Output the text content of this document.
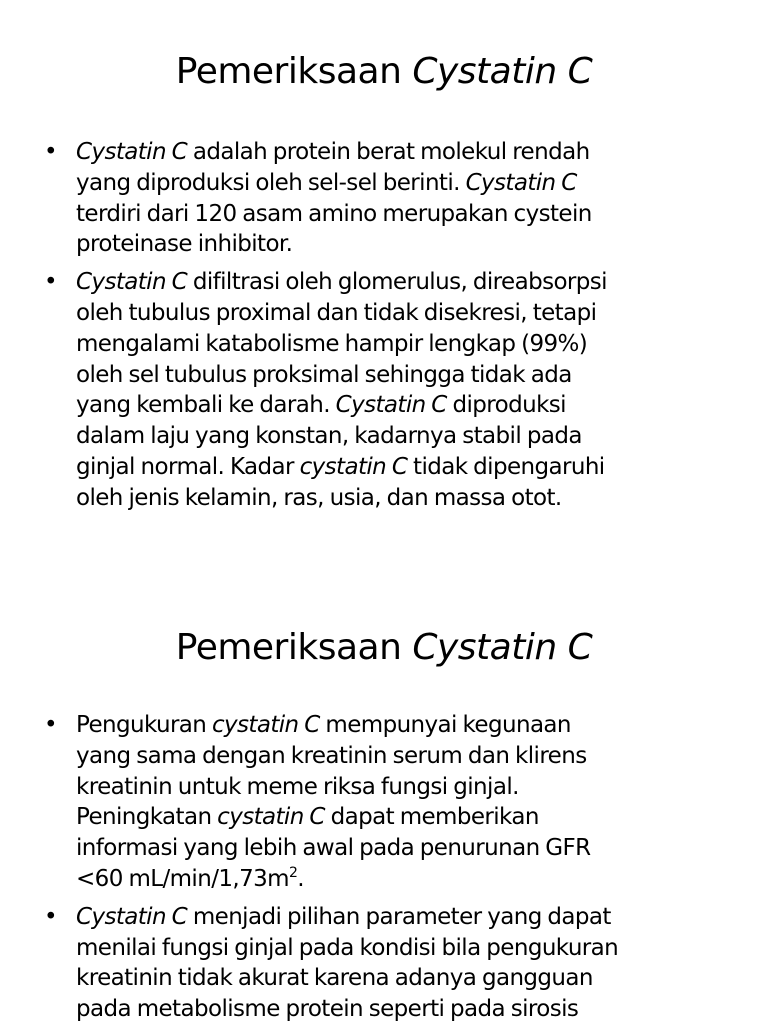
Pemeriksaan Cystatin C
• Cystatin C adalah protein berat molekul rendah
yang diproduksi oleh sel-sel berinti. Cystatin C
terdiri dari 120 asam amino merupakan cystein
proteinase inhibitor.
• Cystatin C difiltrasi oleh glomerulus, direabsorpsi
oleh tubulus proximal dan tidak disekresi, tetapi
mengalami katabolisme hampir lengkap (99%)
oleh sel tubulus proksimal sehingga tidak ada
yang kembali ke darah. Cystatin C diproduksi
dalam laju yang konstan, kadarnya stabil pada
ginjal normal. Kadar cystatin C tidak dipengaruhi
oleh jenis kelamin, ras, usia, dan massa otot.
Pemeriksaan Cystatin C
• Pengukuran cystatin C mempunyai kegunaan
yang sama dengan kreatinin serum dan klirens
kreatinin untuk meme riksa fungsi ginjal.
Peningkatan cystatin C dapat memberikan
informasi yang lebih awal pada penurunan GFR
<60 $mL/\min/1,73m^2$.
• Cystatin C menjadi pilihan parameter yang dapat
menilai fungsi ginjal pada kondisi bila pengukuran
kreatinin tidak akurat karena adanya gangguan
pada metabolisme protein seperti pada sirosis
